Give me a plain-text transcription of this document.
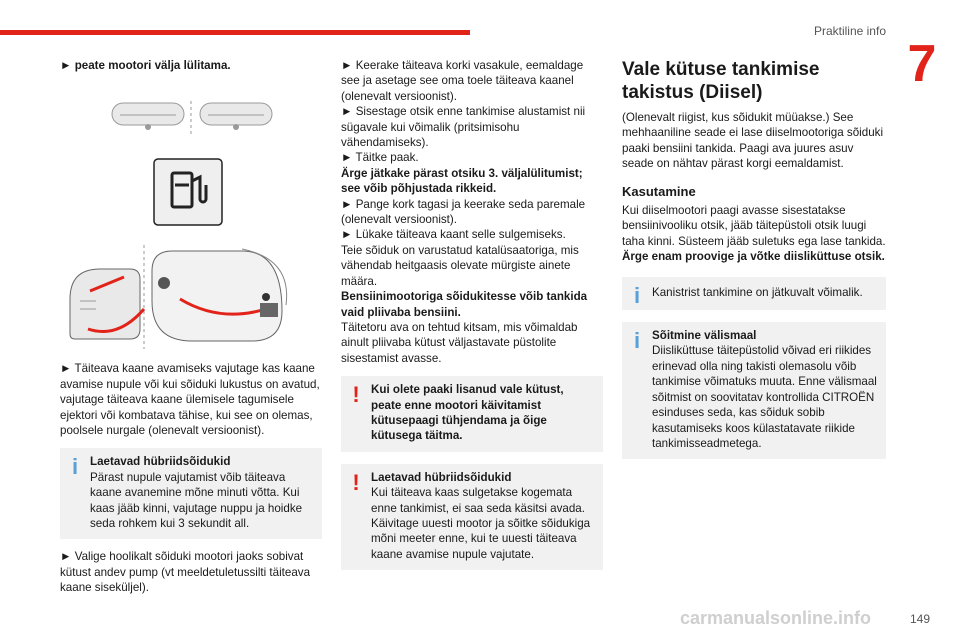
Praktiline info
7

► peate mootori välja lülitama.

► Täiteava kaane avamiseks vajutage kas kaane avamise nupule või kui sõiduki lukustus on avatud, vajutage täiteava kaane ülemisele tagumisele ejektori või kombatava tähise, kui see on olemas, poolsele nurgale (olenevalt versioonist).

i	Laetavad hübriidsõidukid

Pärast nupule vajutamist võib täiteava kaane avanemine mõne minuti võtta. Kui kaas jääb kinni, vajutage nuppu ja hoidke seda rohkem kui 3 sekundit all.

► Valige hoolikalt sõiduki mootori jaoks sobivat kütust andev pump (vt meeldetuletussilti täiteava kaane siseküljel).

► Keerake täiteava korki vasakule, eemaldage see ja asetage see oma toele täiteava kaanel (olenevalt versioonist).

► Sisestage otsik enne tankimise alustamist nii sügavale kui võimalik (pritsimisohu vähendamiseks).

► Täitke paak.

Ärge jätkake pärast otsiku 3. väljalülitumist; see võib põhjustada rikkeid.

► Pange kork tagasi ja keerake seda paremale (olenevalt versioonist).

► Lükake täiteava kaant selle sulgemiseks.

Teie sõiduk on varustatud katalüsaatoriga, mis vähendab heitgaasis olevate mürgiste ainete määra.

Bensiinimootoriga sõidukitesse võib tankida vaid pliivaba bensiini.

Täitetoru ava on tehtud kitsam, mis võimaldab ainult pliivaba kütust väljastavate püstolite sisestamist avasse.

! Kui olete paaki lisanud vale kütust, peate enne mootori käivitamist kütusepaagi tühjendama ja õige kütusega täitma.

! Laetavad hübriidsõidukid

Kui täiteava kaas sulgetakse kogemata enne tankimist, ei saa seda käsitsi avada. Käivitage uuesti mootor ja sõitke sõidukiga mõni meeter enne, kui te uuesti täiteava kaane avamise nupule vajutate.

Vale kütuse tankimise takistus (Diisel)

(Olenevalt riigist, kus sõidukit müüakse.) See mehhaaniline seade ei lase diiselmootoriga sõiduki paaki bensiini tankida. Paagi ava juures asuv seade on nähtav pärast korgi eemaldamist.

Kasutamine

Kui diiselmootori paagi avasse sisestatakse bensiinivooliku otsik, jääb täitepüstoli otsik luugi taha kinni. Süsteem jääb suletuks ega lase tankida.

Ärge enam proovige ja võtke diisliküttuse otsik.

i	Kanistrist tankimine on jätkuvalt võimalik.

i	Sõitmine välismaal

Diisliküttuse täitepüstolid võivad eri riikides erinevad olla ning takisti olemasolu võib tankimise võimatuks muuta. Enne välismaal sõitmist on soovitatav kontrollida CITROËN esinduses seda, kas sõiduk sobib kasutamiseks koos külastatavate riikide tankimisseadmetega.

carmanualsonline.info	149
